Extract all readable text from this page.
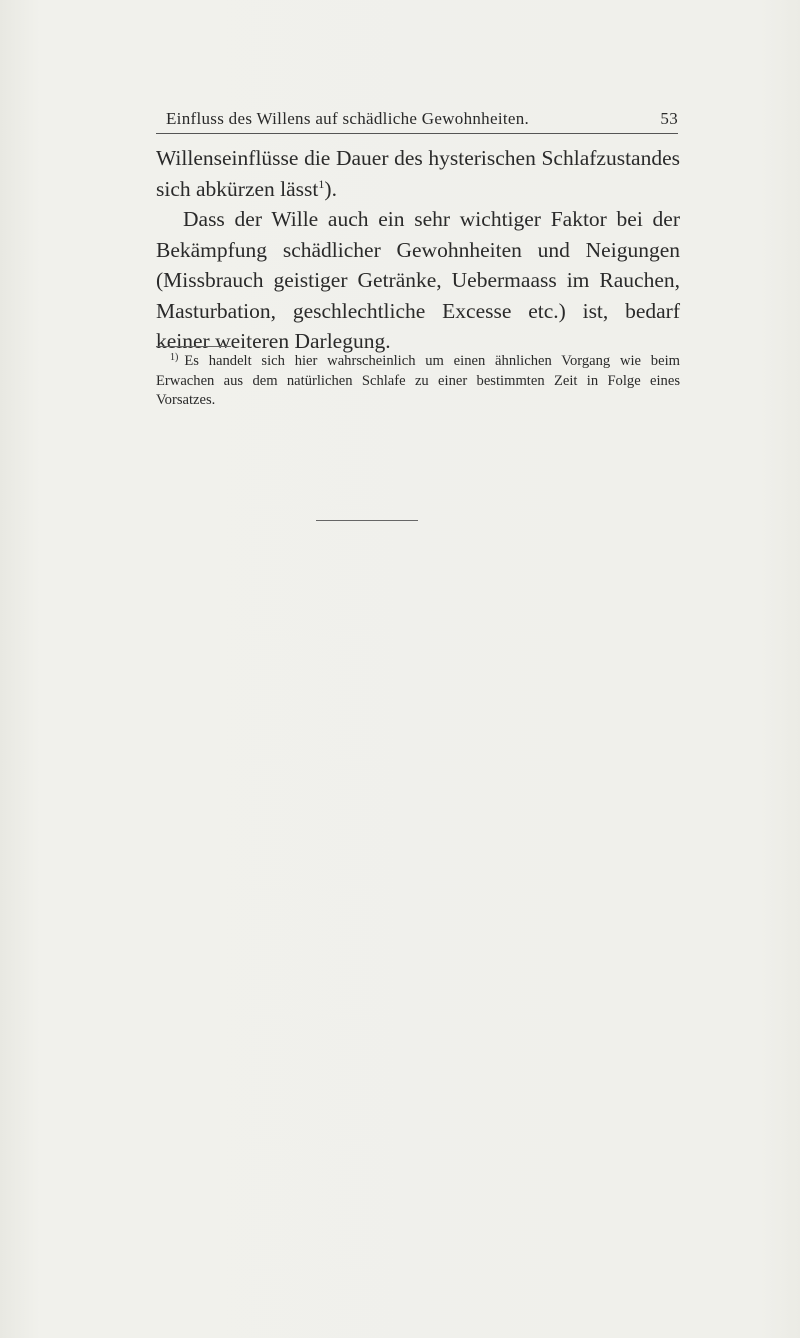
Einfluss des Willens auf schädliche Gewohnheiten.	53

Willenseinflüsse die Dauer des hysterischen Schlafzustandes sich abkürzen lässt$^1$).

Dass der Wille auch ein sehr wichtiger Faktor bei der Bekämpfung schädlicher Gewohnheiten und Neigungen (Missbrauch geistiger Getränke, Uebermaass im Rauchen, Masturbation, geschlechtliche Excesse etc.) ist, bedarf keiner weiteren Darlegung.

1) Es handelt sich hier wahrscheinlich um einen ähnlichen Vorgang wie beim Erwachen aus dem natürlichen Schlafe zu einer bestimmten Zeit in Folge eines Vorsatzes.
